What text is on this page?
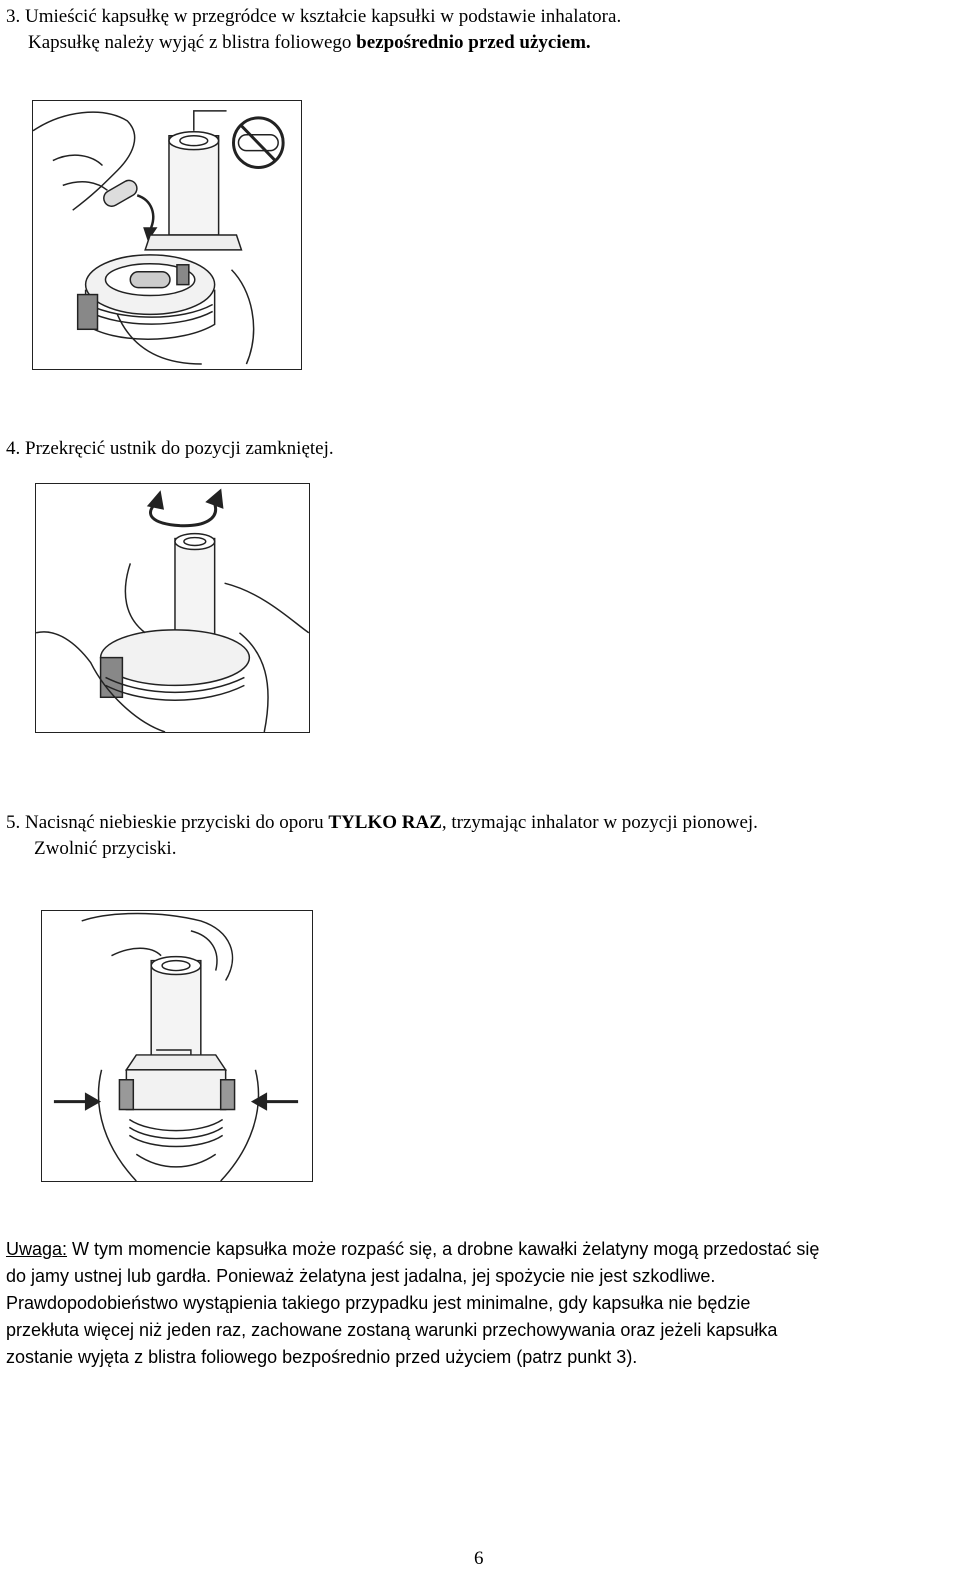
3. Umieścić kapsułkę w przegródce w kształcie kapsułki w podstawie inhalatora.
Kapsułkę należy wyjąć z blistra foliowego bezpośrednio przed użyciem.
4. Przekręcić ustnik do pozycji zamkniętej.
5. Nacisnąć niebieskie przyciski do oporu TYLKO RAZ, trzymając inhalator w pozycji pionowej.
Zwolnić przyciski.
Uwaga: W tym momencie kapsułka może rozpaść się, a drobne kawałki żelatyny mogą przedostać się
do jamy ustnej lub gardła. Ponieważ żelatyna jest jadalna, jej spożycie nie jest szkodliwe.
Prawdopodobieństwo wystąpienia takiego przypadku jest minimalne, gdy kapsułka nie będzie
przekłuta więcej niż jeden raz, zachowane zostaną warunki przechowywania oraz jeżeli kapsułka
zostanie wyjęta z blistra foliowego bezpośrednio przed użyciem (patrz punkt 3).
6
